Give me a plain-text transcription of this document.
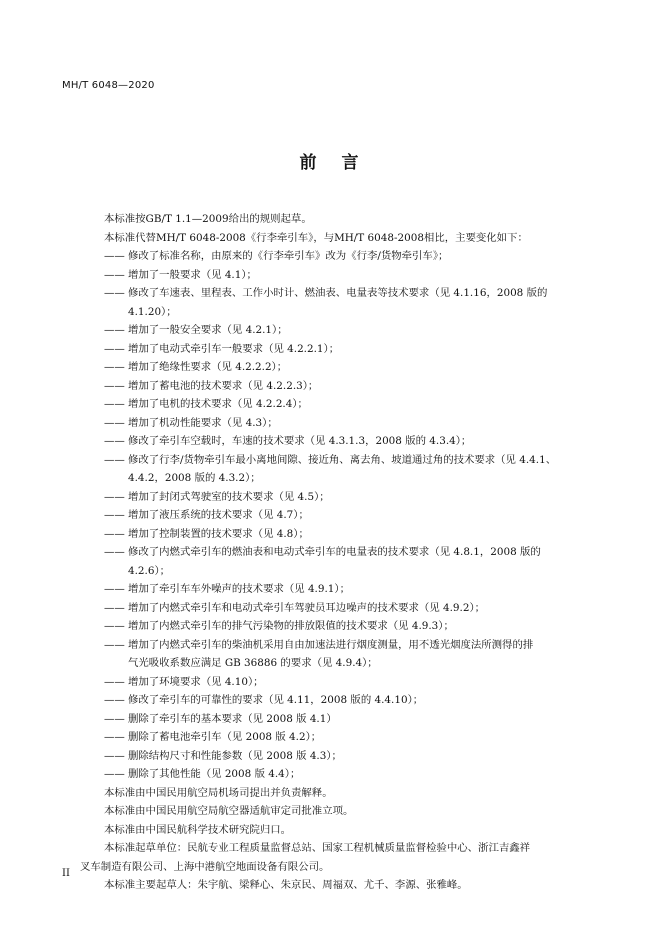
MH/T 6048—2020
前　言
本标准按GB/T 1.1—2009给出的规则起草。
本标准代替MH/T 6048-2008《行李牵引车》，与MH/T 6048-2008相比，主要变化如下：
—— 修改了标准名称，由原来的《行李牵引车》改为《行李/货物牵引车》；
—— 增加了一般要求（见 4.1）；
—— 修改了车速表、里程表、工作小时计、燃油表、电量表等技术要求（见 4.1.16，2008 版的
4.1.20）；
—— 增加了一般安全要求（见 4.2.1）；
—— 增加了电动式牵引车一般要求（见 4.2.2.1）；
—— 增加了绝缘性要求（见 4.2.2.2）；
—— 增加了蓄电池的技术要求（见 4.2.2.3）；
—— 增加了电机的技术要求（见 4.2.2.4）；
—— 增加了机动性能要求（见 4.3）；
—— 修改了牵引车空载时，车速的技术要求（见 4.3.1.3，2008 版的 4.3.4）；
—— 修改了行李/货物牵引车最小离地间隙、接近角、离去角、坡道通过角的技术要求（见 4.4.1、
4.4.2，2008 版的 4.3.2）；
—— 增加了封闭式驾驶室的技术要求（见 4.5）；
—— 增加了液压系统的技术要求（见 4.7）；
—— 增加了控制装置的技术要求（见 4.8）；
—— 修改了内燃式牵引车的燃油表和电动式牵引车的电量表的技术要求（见 4.8.1，2008 版的
4.2.6）；
—— 增加了牵引车车外噪声的技术要求（见 4.9.1）；
—— 增加了内燃式牵引车和电动式牵引车驾驶员耳边噪声的技术要求（见 4.9.2）；
—— 增加了内燃式牵引车的排气污染物的排放限值的技术要求（见 4.9.3）；
—— 增加了内燃式牵引车的柴油机采用自由加速法进行烟度测量，用不透光烟度法所测得的排
气光吸收系数应满足 GB 36886 的要求（见 4.9.4）；
—— 增加了环境要求（见 4.10）；
—— 修改了牵引车的可靠性的要求（见 4.11，2008 版的 4.4.10）；
—— 删除了牵引车的基本要求（见 2008 版 4.1）
—— 删除了蓄电池牵引车（见 2008 版 4.2）；
—— 删除结构尺寸和性能参数（见 2008 版 4.3）；
—— 删除了其他性能（见 2008 版 4.4）；
本标准由中国民用航空局机场司提出并负责解释。
本标准由中国民用航空局航空器适航审定司批准立项。
本标准由中国民航科学技术研究院归口。
本标准起草单位：民航专业工程质量监督总站、国家工程机械质量监督检验中心、浙江吉鑫祥
叉车制造有限公司、上海中港航空地面设备有限公司。
本标准主要起草人：朱宇航、梁释心、朱京民、周福双、尤千、李源、张雅峰。
II
